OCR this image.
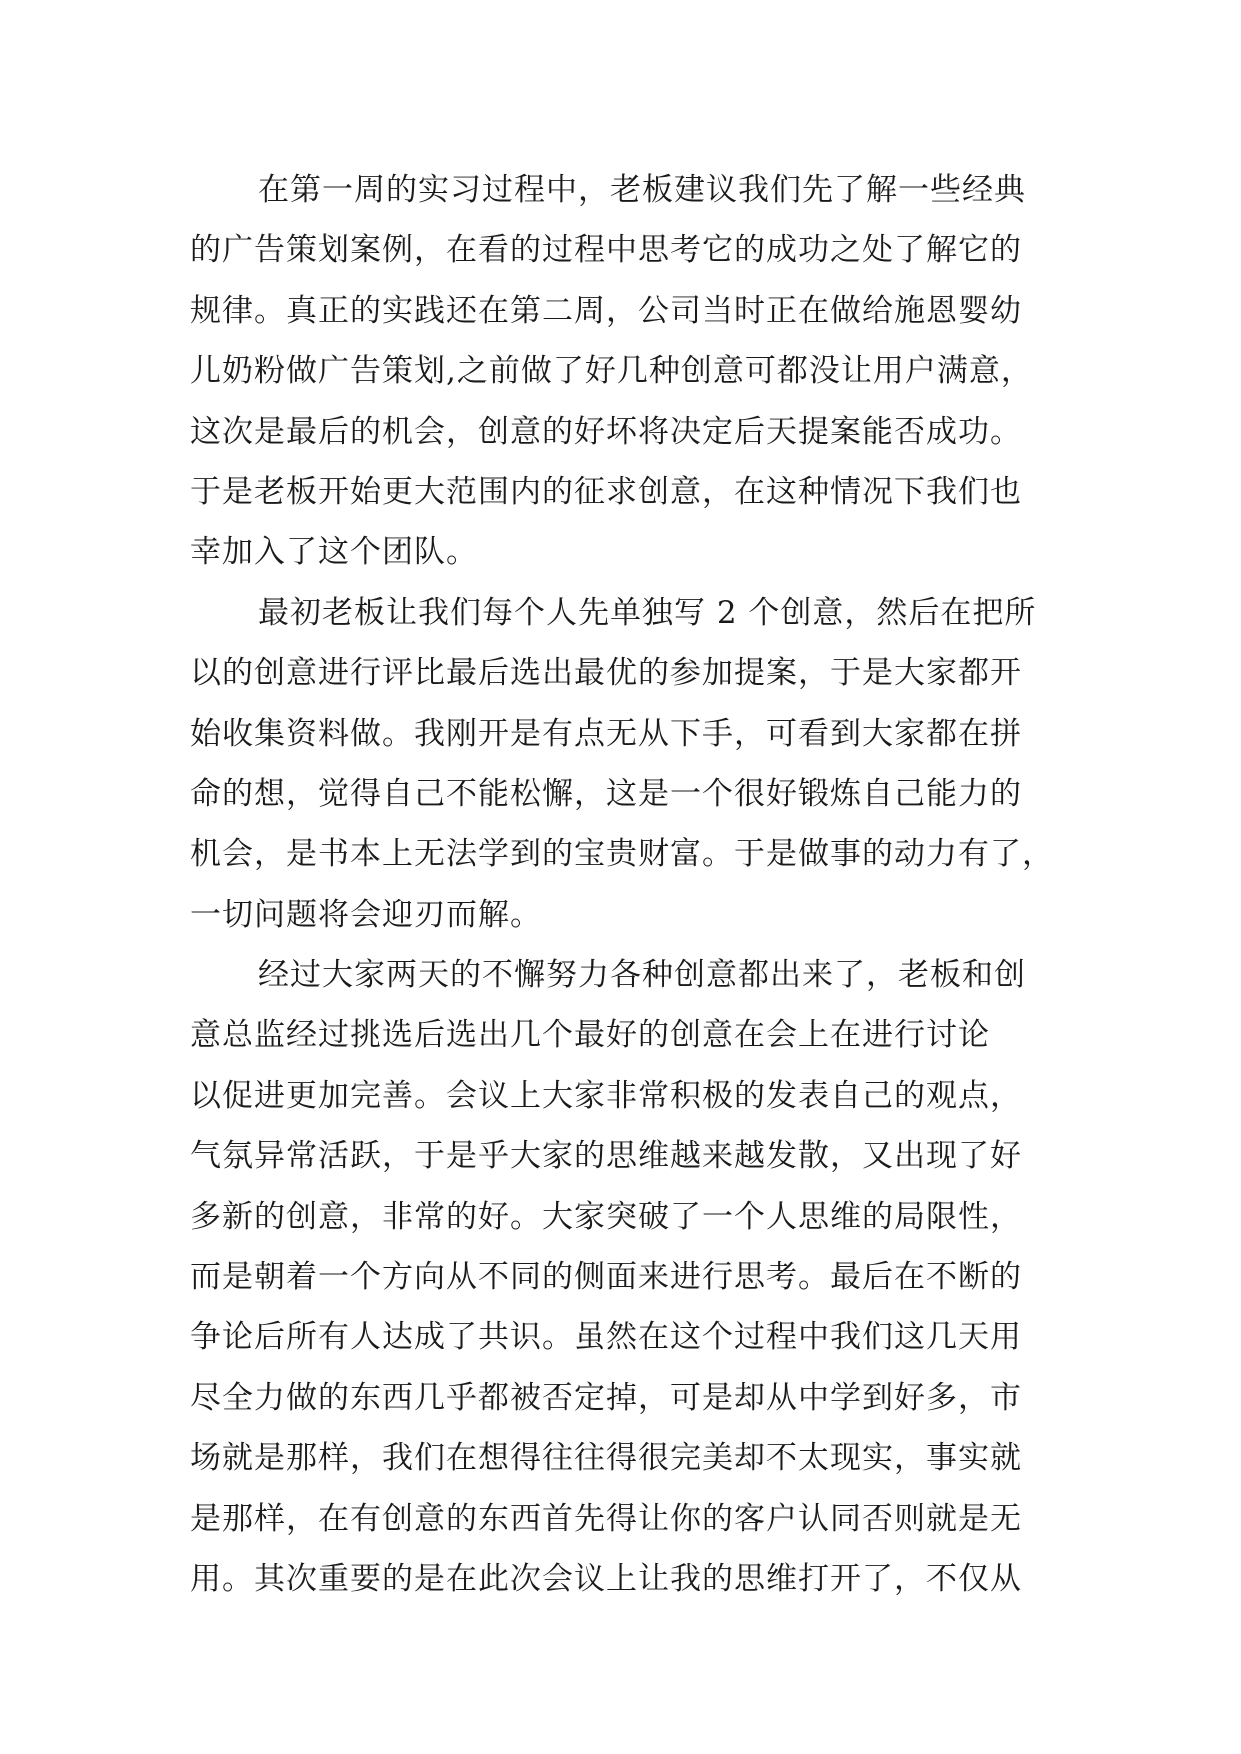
在第一周的实习过程中，老板建议我们先了解一些经典
的广告策划案例，在看的过程中思考它的成功之处了解它的
规律。真正的实践还在第二周，公司当时正在做给施恩婴幼
儿奶粉做广告策划,之前做了好几种创意可都没让用户满意，
这次是最后的机会，创意的好坏将决定后天提案能否成功。
于是老板开始更大范围内的征求创意，在这种情况下我们也
幸加入了这个团队。
最初老板让我们每个人先单独写 2 个创意，然后在把所
以的创意进行评比最后选出最优的参加提案，于是大家都开
始收集资料做。我刚开是有点无从下手，可看到大家都在拼
命的想，觉得自己不能松懈，这是一个很好锻炼自己能力的
机会，是书本上无法学到的宝贵财富。于是做事的动力有了，
一切问题将会迎刃而解。
经过大家两天的不懈努力各种创意都出来了，老板和创
意总监经过挑选后选出几个最好的创意在会上在进行讨论
以促进更加完善。会议上大家非常积极的发表自己的观点，
气氛异常活跃，于是乎大家的思维越来越发散，又出现了好
多新的创意，非常的好。大家突破了一个人思维的局限性，
而是朝着一个方向从不同的侧面来进行思考。最后在不断的
争论后所有人达成了共识。虽然在这个过程中我们这几天用
尽全力做的东西几乎都被否定掉，可是却从中学到好多，市
场就是那样，我们在想得往往得很完美却不太现实，事实就
是那样，在有创意的东西首先得让你的客户认同否则就是无
用。其次重要的是在此次会议上让我的思维打开了，不仅从
